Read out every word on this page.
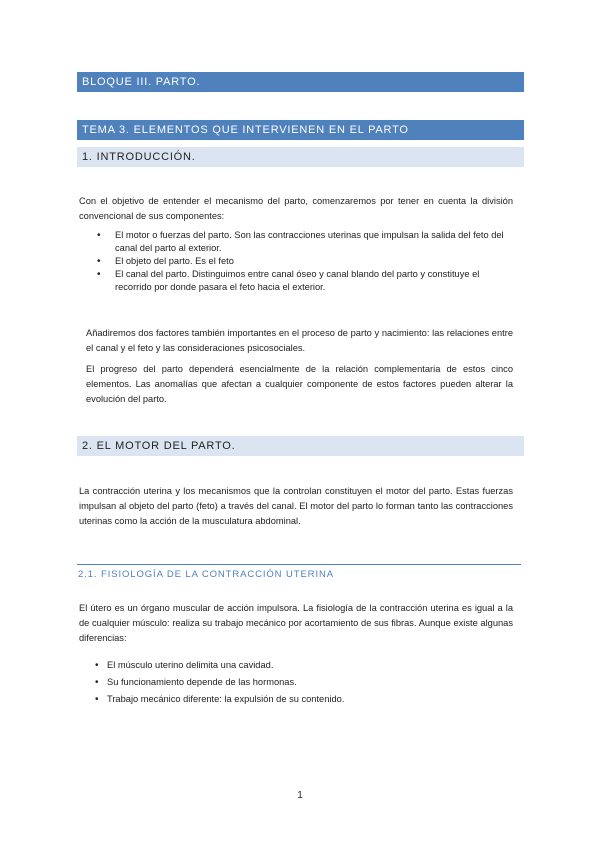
BLOQUE III. PARTO.
TEMA 3. ELEMENTOS QUE INTERVIENEN EN EL PARTO
1. INTRODUCCIÓN.

Con el objetivo de entender el mecanismo del parto, comenzaremos por tener en cuenta la división convencional de sus componentes:

• El motor o fuerzas del parto. Son las contracciones uterinas que impulsan la salida del feto del canal del parto al exterior.
• El objeto del parto. Es el feto
• El canal del parto. Distinguimos entre canal óseo y canal blando del parto y constituye el recorrido por donde pasara el feto hacia el exterior.

Añadiremos dos factores también importantes en el proceso de parto y nacimiento: las relaciones entre el canal y el feto y las consideraciones psicosociales.

El progreso del parto dependerá esencialmente de la relación complementaria de estos cinco elementos. Las anomalías que afectan a cualquier componente de estos factores pueden alterar la evolución del parto.

2. EL MOTOR DEL PARTO.

La contracción uterina y los mecanismos que la controlan constituyen el motor del parto. Estas fuerzas impulsan al objeto del parto (feto) a través del canal. El motor del parto lo forman tanto las contracciones uterinas como la acción de la musculatura abdominal.

2.1. FISIOLOGÍA DE LA CONTRACCIÓN UTERINA

El útero es un órgano muscular de acción impulsora. La fisiología de la contracción uterina es igual a la de cualquier músculo: realiza su trabajo mecánico por acortamiento de sus fibras. Aunque existe algunas diferencias:

• El músculo uterino delimita una cavidad.
• Su funcionamiento depende de las hormonas.
• Trabajo mecánico diferente: la expulsión de su contenido.
1
